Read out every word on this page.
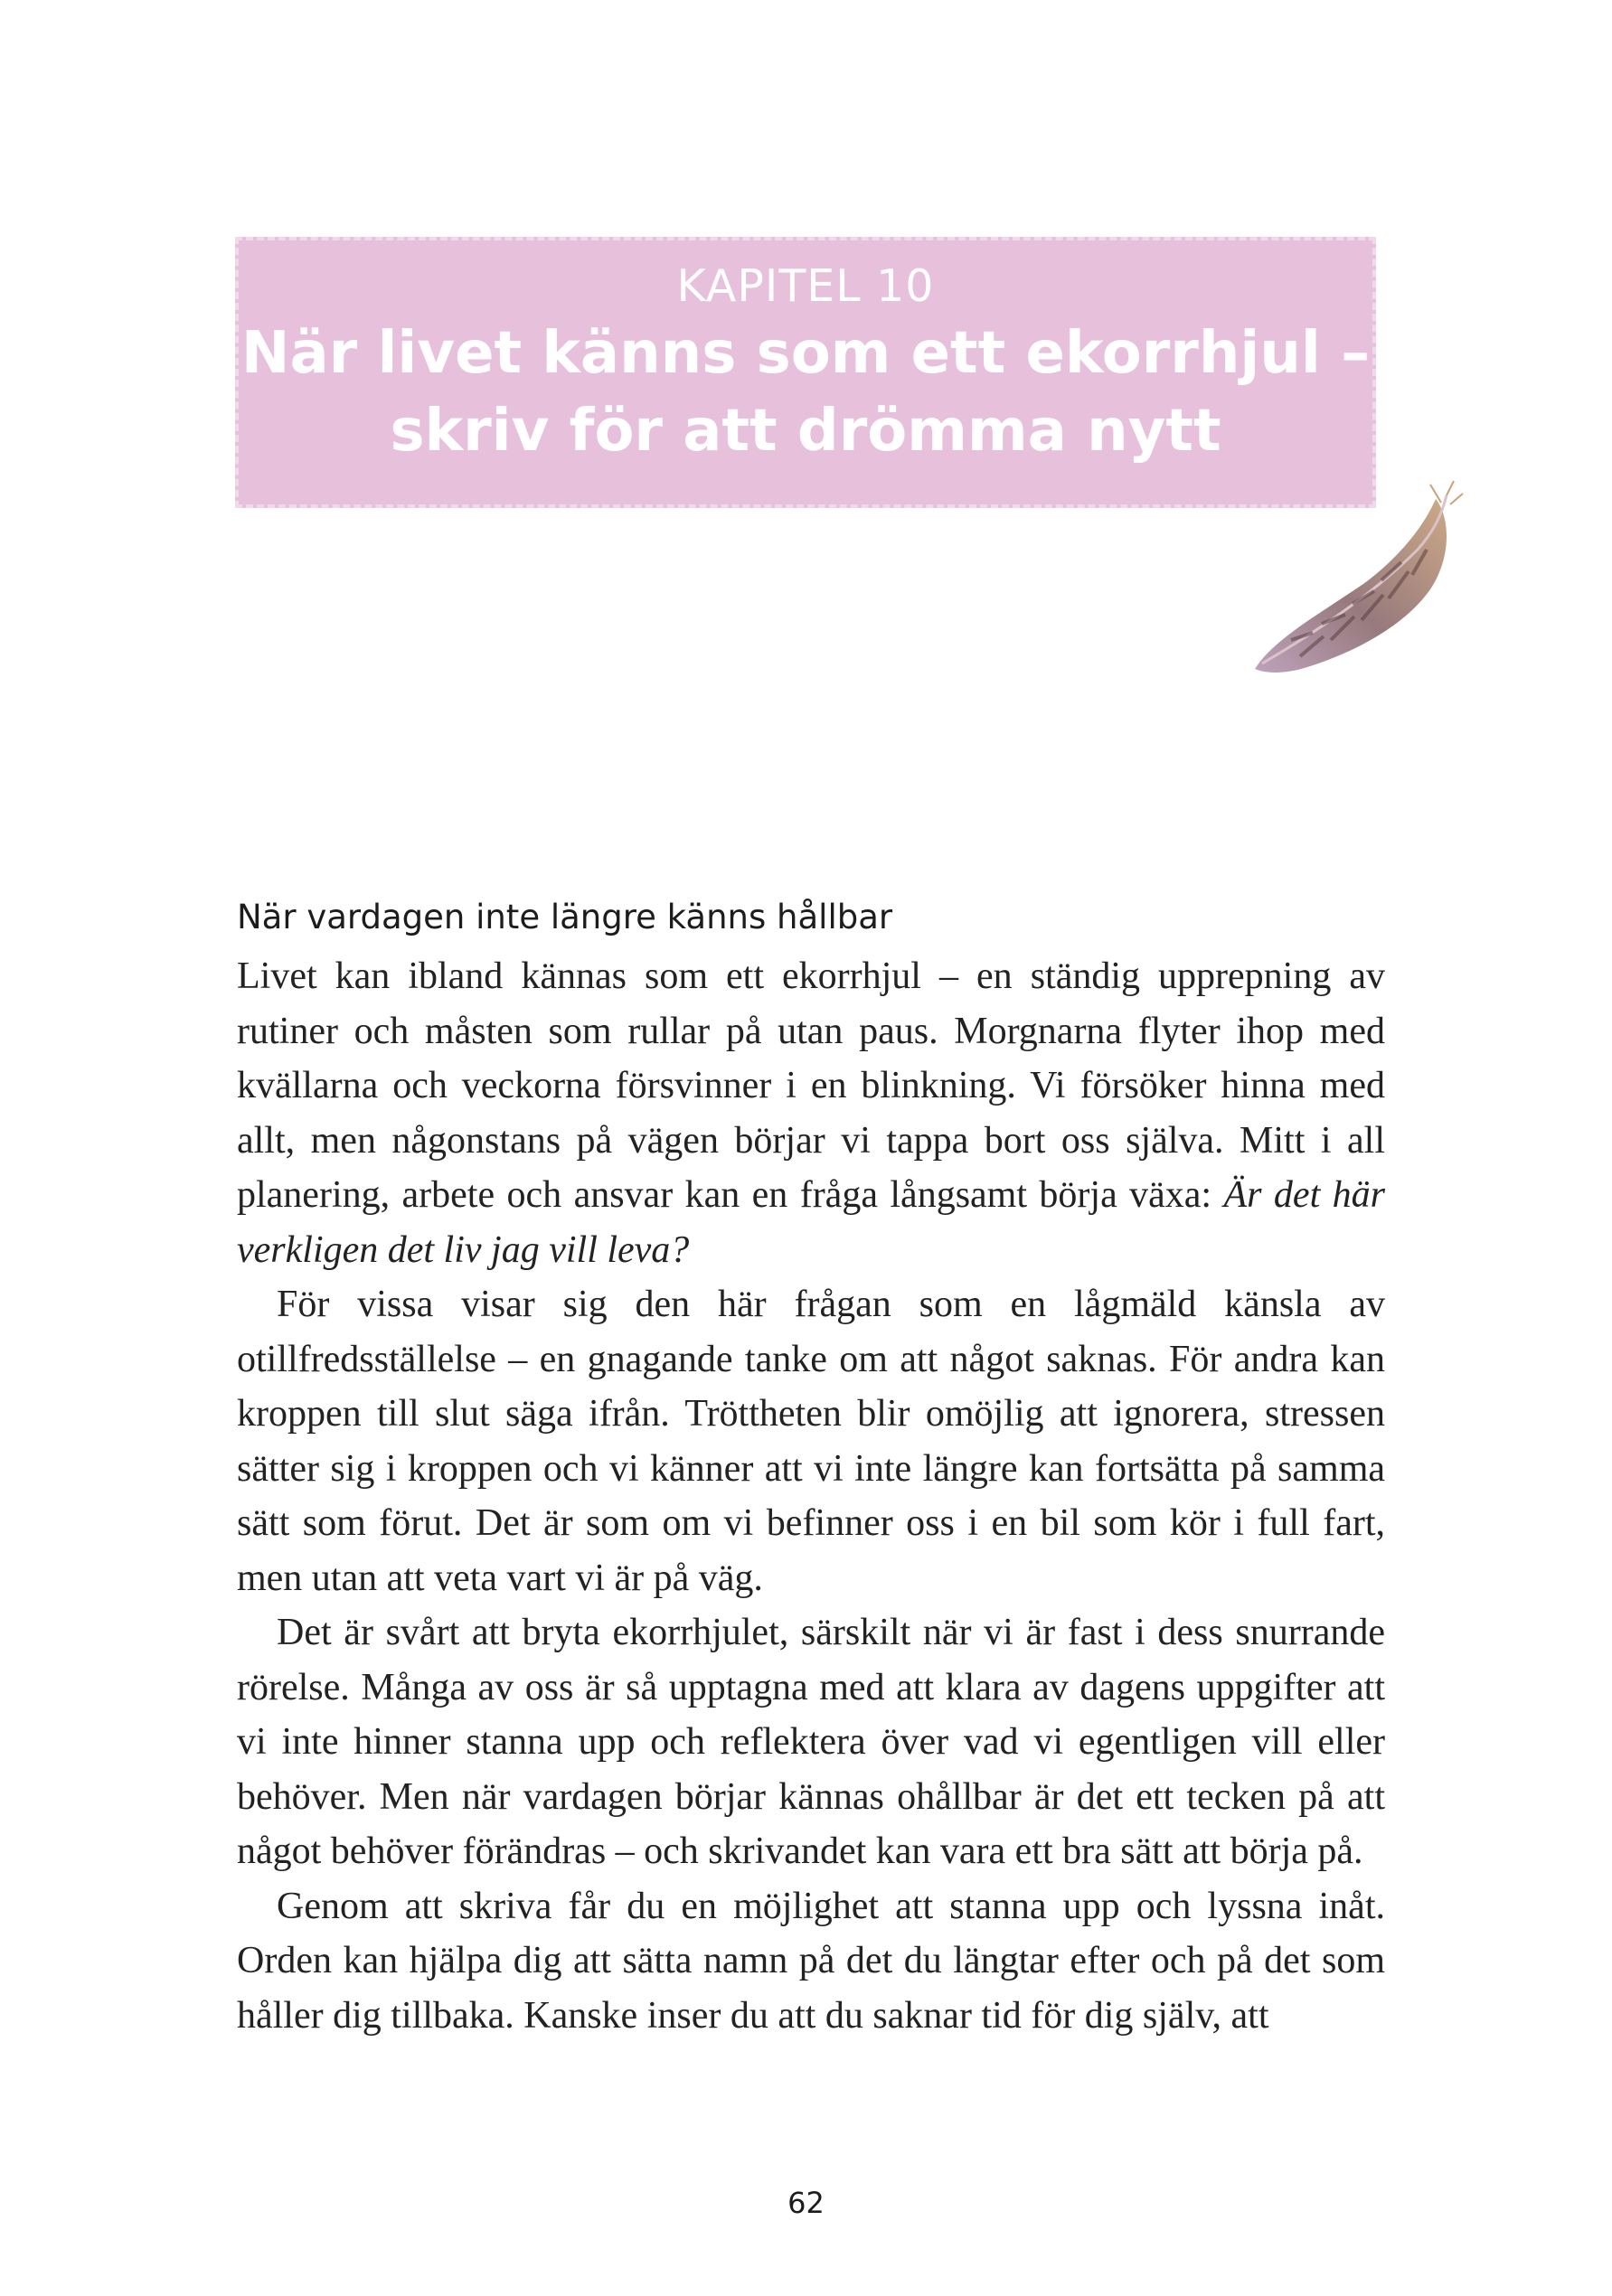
KAPITEL 10
När livet känns som ett ekorrhjul –
skriv för att drömma nytt
När vardagen inte längre känns hållbar

Livet kan ibland kännas som ett ekorrhjul – en ständig upprepning av rutiner och måsten som rullar på utan paus. Morgnarna flyter ihop med kvällarna och veckorna försvinner i en blinkning. Vi försöker hinna med allt, men någonstans på vägen börjar vi tappa bort oss själva. Mitt i all planering, arbete och ansvar kan en fråga långsamt börja växa: Är det här verkligen det liv jag vill leva?

För vissa visar sig den här frågan som en lågmäld känsla av otillfredsställelse – en gnagande tanke om att något saknas. För andra kan kroppen till slut säga ifrån. Tröttheten blir omöjlig att ignorera, stressen sätter sig i kroppen och vi känner att vi inte längre kan fortsätta på samma sätt som förut. Det är som om vi befinner oss i en bil som kör i full fart, men utan att veta vart vi är på väg.

Det är svårt att bryta ekorrhjulet, särskilt när vi är fast i dess snurrande rörelse. Många av oss är så upptagna med att klara av dagens uppgifter att vi inte hinner stanna upp och reflektera över vad vi egentligen vill eller behöver. Men när vardagen börjar kännas ohållbar är det ett tecken på att något behöver förändras – och skrivandet kan vara ett bra sätt att börja på.

Genom att skriva får du en möjlighet att stanna upp och lyssna inåt. Orden kan hjälpa dig att sätta namn på det du längtar efter och på det som håller dig tillbaka. Kanske inser du att du saknar tid för dig själv, att

62
